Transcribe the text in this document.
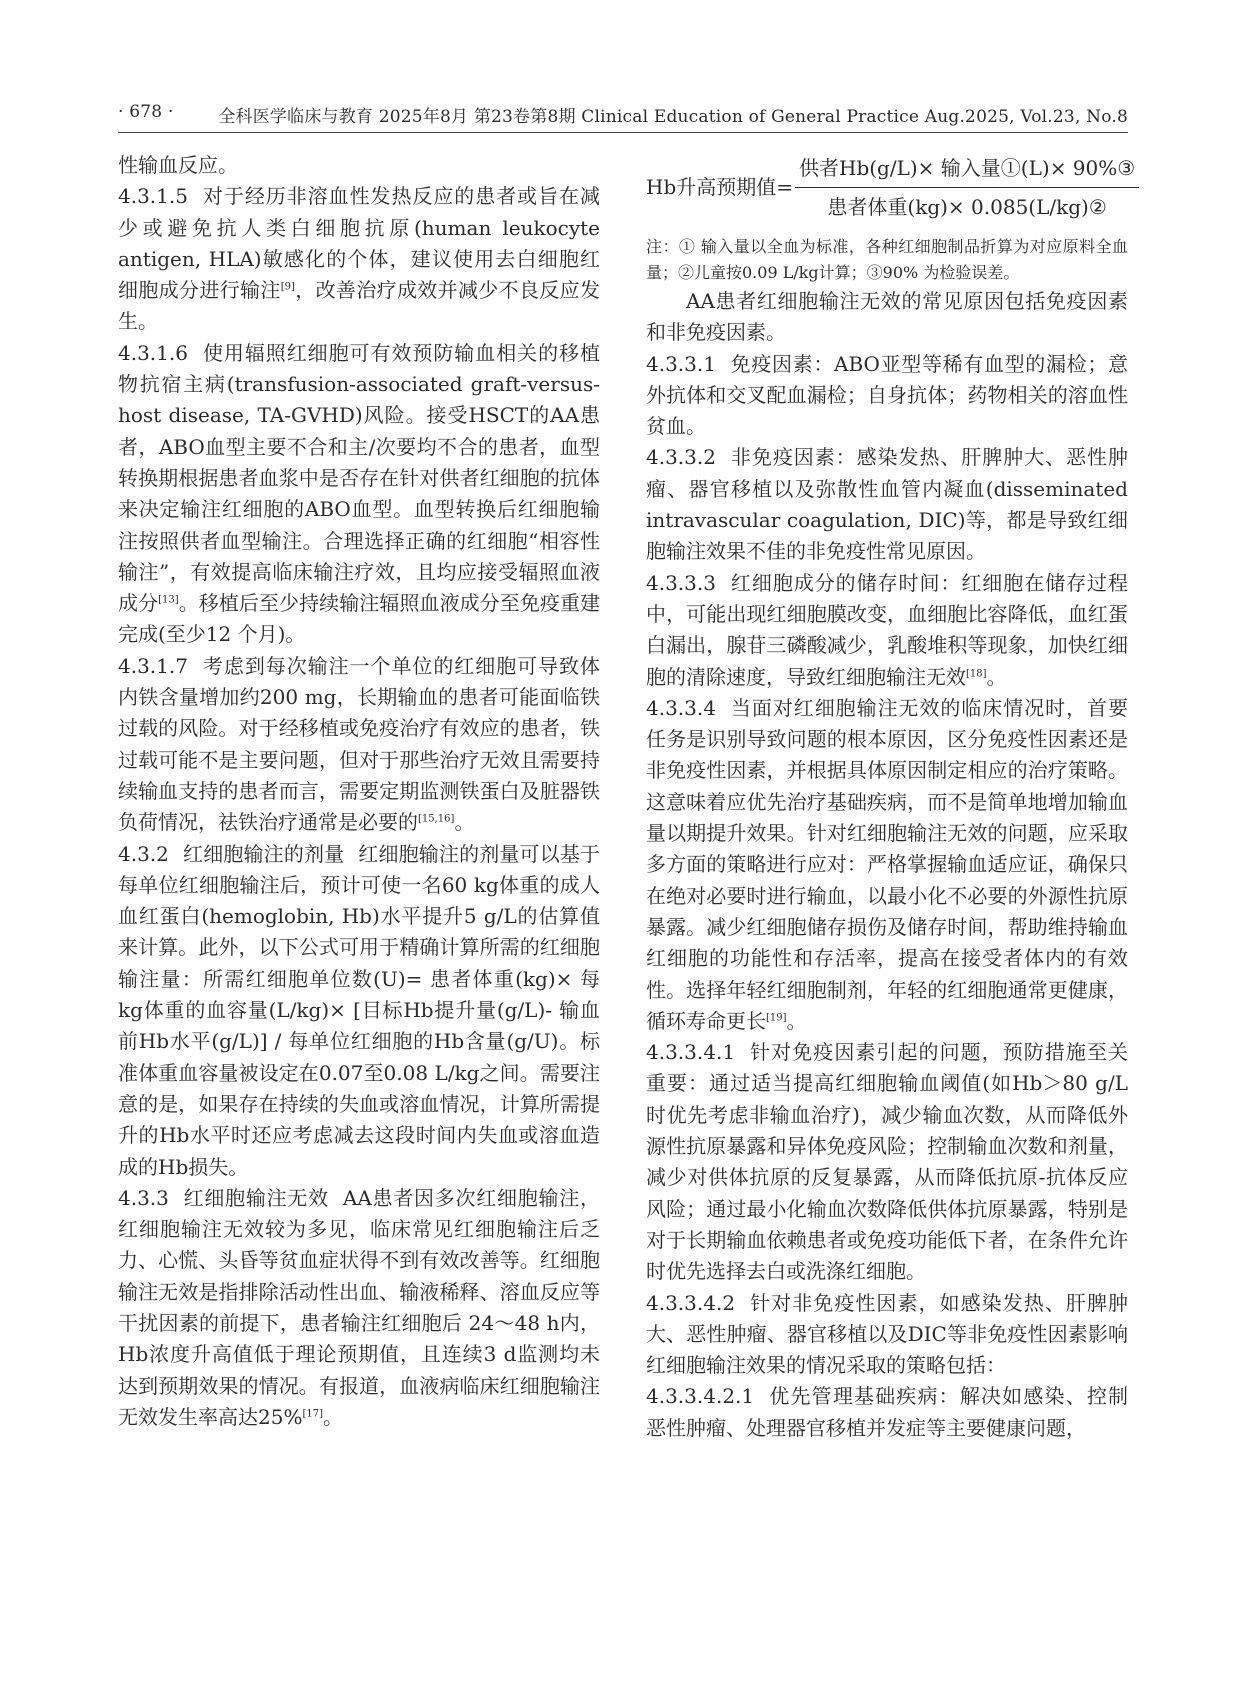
· 678 ·	全科医学临床与教育 2025年8月 第23卷第8期 Clinical Education of General Practice Aug.2025, Vol.23, No.8

性输血反应。

4.3.1.5 对于经历非溶血性发热反应的患者或旨在减少或避免抗人类白细胞抗原(human leukocyte antigen, HLA)敏感化的个体，建议使用去白细胞红细胞成分进行输注[9]，改善治疗成效并减少不良反应发生。

4.3.1.6 使用辐照红细胞可有效预防输血相关的移植物抗宿主病(transfusion-associated graft-versus-host disease, TA-GVHD)风险。接受HSCT的AA患者，ABO血型主要不合和主/次要均不合的患者，血型转换期根据患者血浆中是否存在针对供者红细胞的抗体来决定输注红细胞的ABO血型。血型转换后红细胞输注按照供者血型输注。合理选择正确的红细胞“相容性输注”，有效提高临床输注疗效，且均应接受辐照血液成分[13]。移植后至少持续输注辐照血液成分至免疫重建完成(至少12 个月)。

4.3.1.7 考虑到每次输注一个单位的红细胞可导致体内铁含量增加约200 mg，长期输血的患者可能面临铁过载的风险。对于经移植或免疫治疗有效应的患者，铁过载可能不是主要问题，但对于那些治疗无效且需要持续输血支持的患者而言，需要定期监测铁蛋白及脏器铁负荷情况，祛铁治疗通常是必要的[15,16]。

4.3.2 红细胞输注的剂量 红细胞输注的剂量可以基于每单位红细胞输注后，预计可使一名60 kg体重的成人血红蛋白(hemoglobin, Hb)水平提升5 g/L的估算值来计算。此外，以下公式可用于精确计算所需的红细胞输注量：所需红细胞单位数(U)= 患者体重(kg)× 每kg体重的血容量(L/kg)× [目标Hb提升量(g/L)- 输血前Hb水平(g/L)] / 每单位红细胞的Hb含量(g/U)。标准体重血容量被设定在0.07至0.08 L/kg之间。需要注意的是，如果存在持续的失血或溶血情况，计算所需提升的Hb水平时还应考虑减去这段时间内失血或溶血造成的Hb损失。

4.3.3 红细胞输注无效 AA患者因多次红细胞输注，红细胞输注无效较为多见，临床常见红细胞输注后乏力、心慌、头昏等贫血症状得不到有效改善等。红细胞输注无效是指排除活动性出血、输液稀释、溶血反应等干扰因素的前提下，患者输注红细胞后 24～48 h内，Hb浓度升高值低于理论预期值，且连续3 d监测均未达到预期效果的情况。有报道，血液病临床红细胞输注无效发生率高达25%[17]。

Hb升高预期值= $\frac{\text{供者Hb(g/L)× 输入量①(L)× 90\%③}}{\text{患者体重(kg)× 0.085(L/kg)②}}$

注：① 输入量以全血为标准，各种红细胞制品折算为对应原料全血量；②儿童按0.09 L/kg计算；③90% 为检验误差。

AA患者红细胞输注无效的常见原因包括免疫因素和非免疫因素。

4.3.3.1 免疫因素：ABO亚型等稀有血型的漏检；意外抗体和交叉配血漏检；自身抗体；药物相关的溶血性贫血。

4.3.3.2 非免疫因素：感染发热、肝脾肿大、恶性肿瘤、器官移植以及弥散性血管内凝血(disseminated intravascular coagulation, DIC)等，都是导致红细胞输注效果不佳的非免疫性常见原因。

4.3.3.3 红细胞成分的储存时间：红细胞在储存过程中，可能出现红细胞膜改变，血细胞比容降低，血红蛋白漏出，腺苷三磷酸减少，乳酸堆积等现象，加快红细胞的清除速度，导致红细胞输注无效[18]。

4.3.3.4 当面对红细胞输注无效的临床情况时，首要任务是识别导致问题的根本原因，区分免疫性因素还是非免疫性因素，并根据具体原因制定相应的治疗策略。这意味着应优先治疗基础疾病，而不是简单地增加输血量以期提升效果。针对红细胞输注无效的问题，应采取多方面的策略进行应对：严格掌握输血适应证，确保只在绝对必要时进行输血，以最小化不必要的外源性抗原暴露。减少红细胞储存损伤及储存时间，帮助维持输血红细胞的功能性和存活率，提高在接受者体内的有效性。选择年轻红细胞制剂，年轻的红细胞通常更健康，循环寿命更长[19]。

4.3.3.4.1 针对免疫因素引起的问题，预防措施至关重要：通过适当提高红细胞输血阈值(如Hb＞80 g/L时优先考虑非输血治疗)，减少输血次数，从而降低外源性抗原暴露和异体免疫风险；控制输血次数和剂量，减少对供体抗原的反复暴露，从而降低抗原-抗体反应风险；通过最小化输血次数降低供体抗原暴露，特别是对于长期输血依赖患者或免疫功能低下者，在条件允许时优先选择去白或洗涤红细胞。

4.3.3.4.2 针对非免疫性因素，如感染发热、肝脾肿大、恶性肿瘤、器官移植以及DIC等非免疫性因素影响红细胞输注效果的情况采取的策略包括：

4.3.3.4.2.1 优先管理基础疾病：解决如感染、控制恶性肿瘤、处理器官移植并发症等主要健康问题，
